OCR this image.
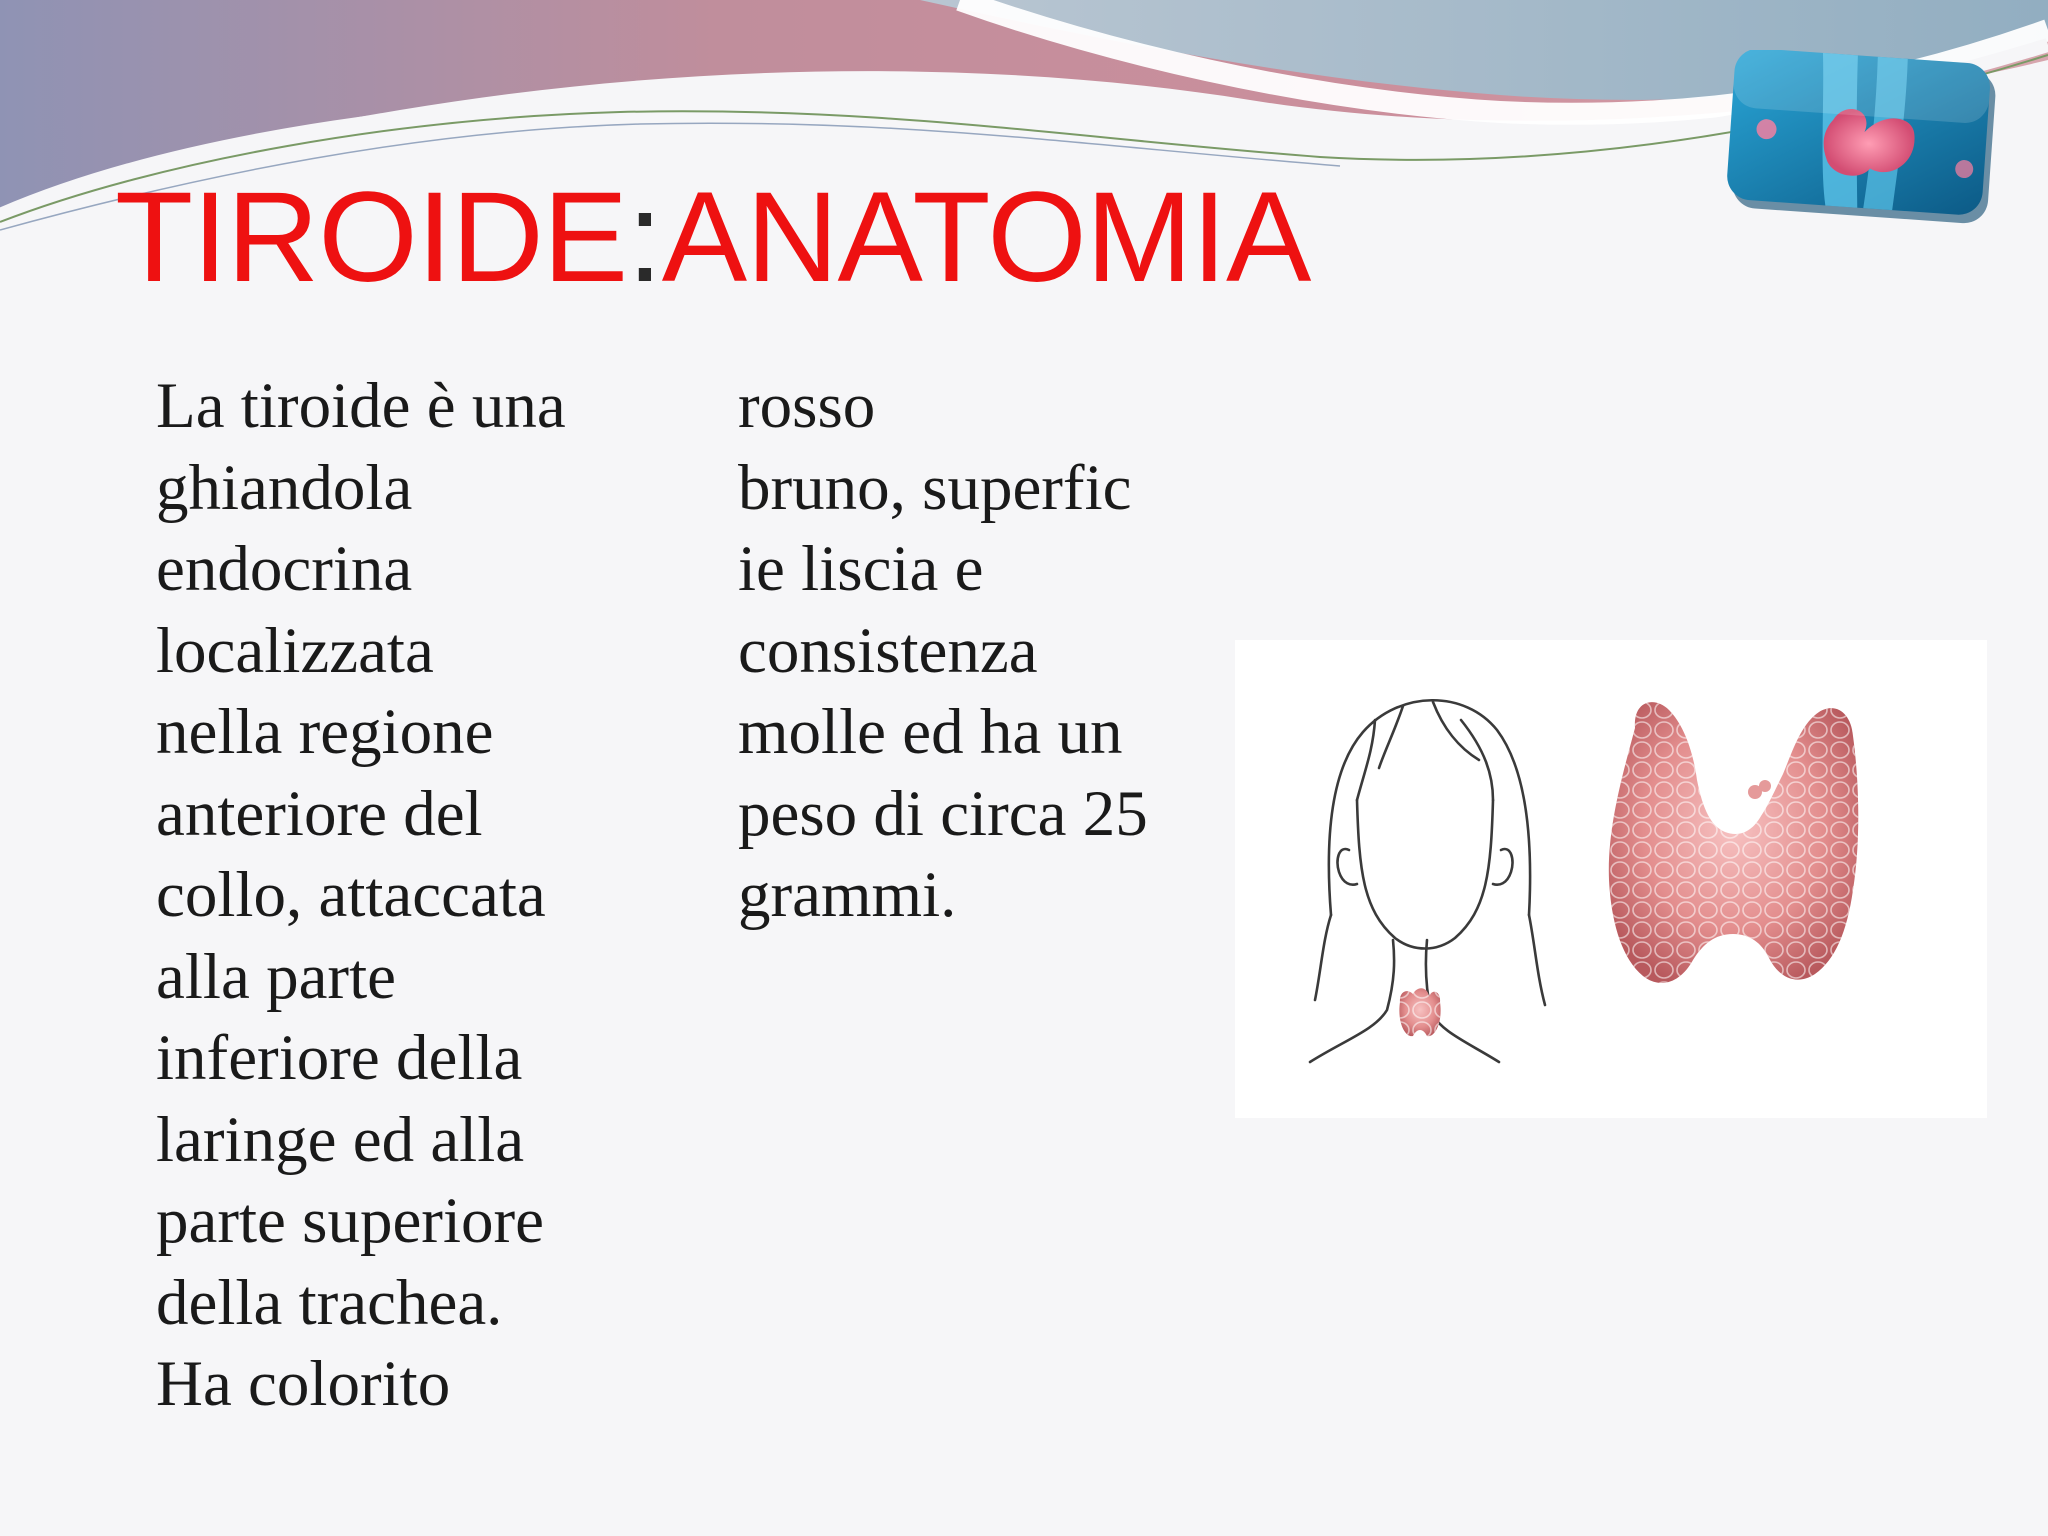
TIROIDE:ANATOMIA
La tiroide è una
ghiandola
endocrina
localizzata
nella regione
anteriore del
collo, attaccata
alla parte
inferiore della
laringe ed alla
parte superiore
della trachea.
Ha colorito
rosso
bruno, superfic
ie liscia e
consistenza
molle ed ha un
peso di circa 25
grammi.
